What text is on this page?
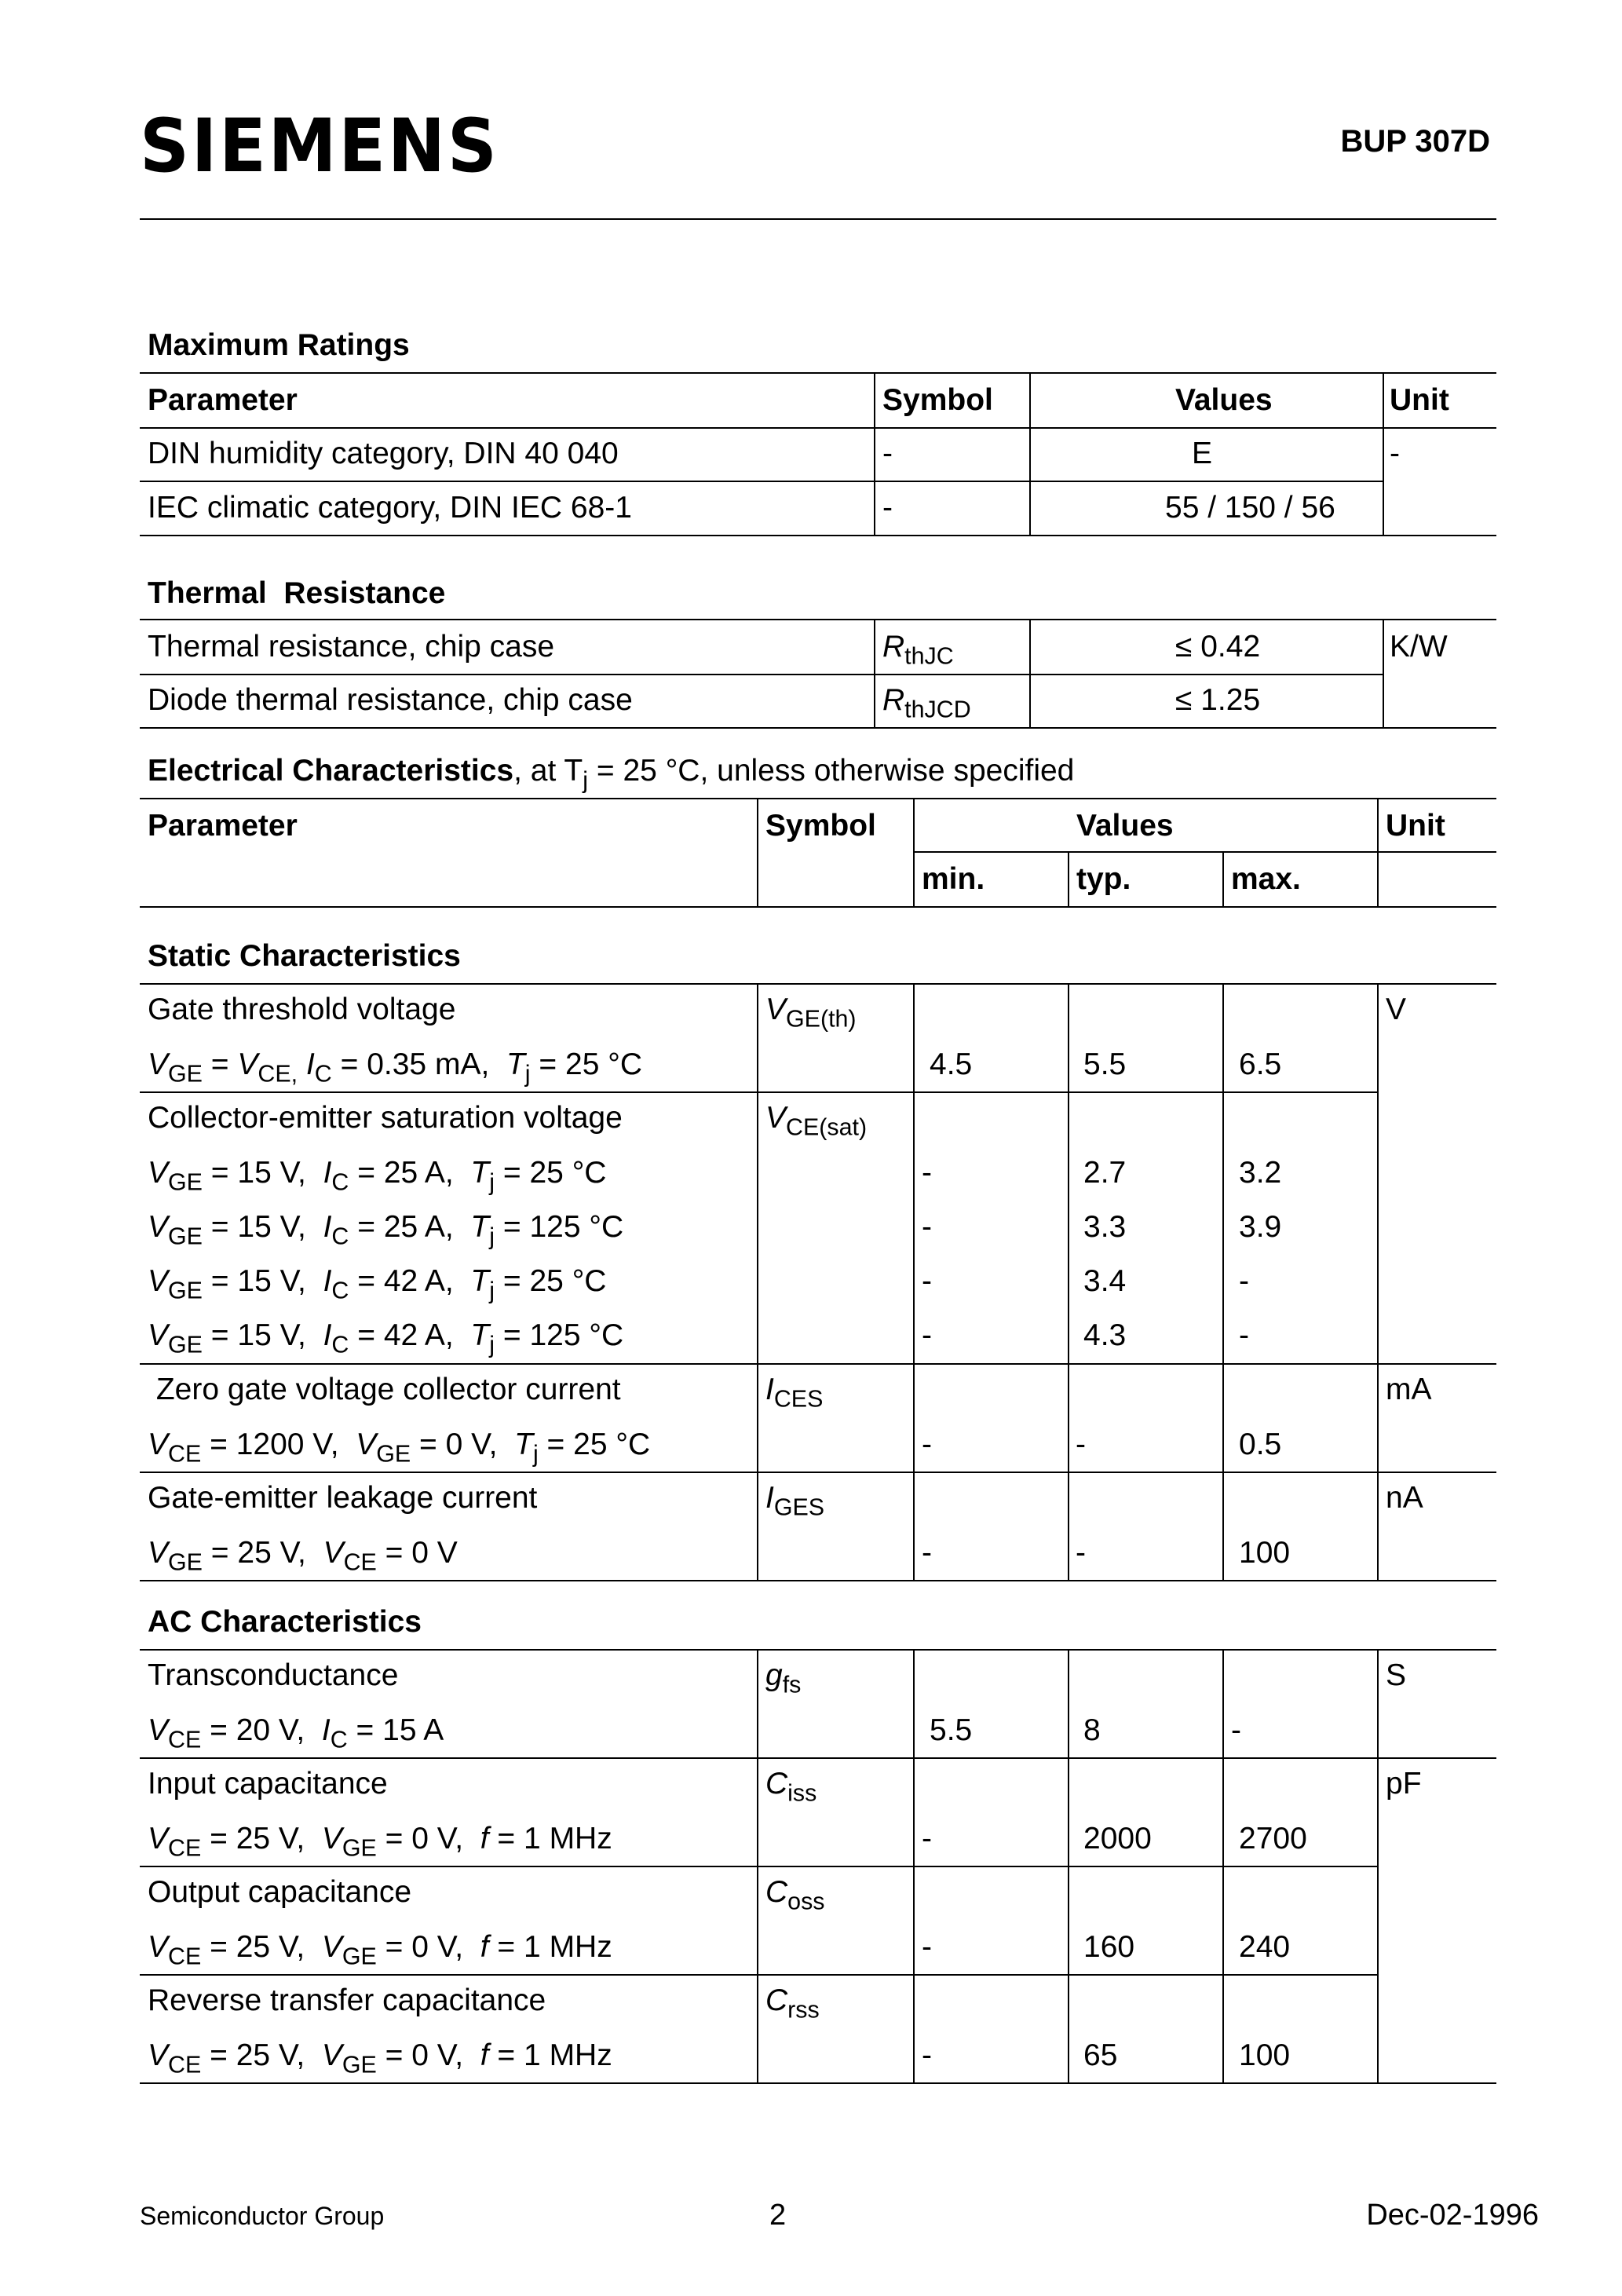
SIEMENS	BUP 307D
Maximum Ratings
Parameter	Symbol	Values	Unit
DIN humidity category, DIN 40 040	-	E	-
IEC climatic category, DIN IEC 68-1	-	55 / 150 / 56
Thermal  Resistance
Thermal resistance, chip case	$R_{thJC}$	≤ 0.42	K/W
Diode thermal resistance, chip case	$R_{thJCD}$	≤ 1.25
Electrical Characteristics, at $T_j = 25$ °C, unless otherwise specified
Parameter	Symbol	Values	Unit
min.	typ.	max.
Static Characteristics
Gate threshold voltage	$V_{GE(th)}$	V
$V_{GE} = V_{CE,}$ $I_C = 0.35$ mA,  $T_j = 25$ °C	4.5	5.5	6.5
Collector-emitter saturation voltage	$V_{CE(sat)}$
$V_{GE} = 15$ V,  $I_C = 25$ A,  $T_j = 25$ °C	-	2.7	3.2
$V_{GE} = 15$ V,  $I_C = 25$ A,  $T_j = 125$ °C	-	3.3	3.9
$V_{GE} = 15$ V,  $I_C = 42$ A,  $T_j = 25$ °C	-	3.4	-
$V_{GE} = 15$ V,  $I_C = 42$ A,  $T_j = 125$ °C	-	4.3	-
Zero gate voltage collector current	$I_{CES}$	mA
$V_{CE} = 1200$ V,  $V_{GE} = 0$ V,  $T_j = 25$ °C	-	-	0.5
Gate-emitter leakage current	$I_{GES}$	nA
$V_{GE} = 25$ V,  $V_{CE} = 0$ V	-	-	100
AC Characteristics
Transconductance	$g_{fs}$	S
$V_{CE} = 20$ V,  $I_C = 15$ A	5.5	8	-
Input capacitance	$C_{iss}$	pF
$V_{CE} = 25$ V,  $V_{GE} = 0$ V,  f = 1 MHz	-	2000	2700
Output capacitance	$C_{oss}$
$V_{CE} = 25$ V,  $V_{GE} = 0$ V,  f = 1 MHz	-	160	240
Reverse transfer capacitance	$C_{rss}$
$V_{CE} = 25$ V,  $V_{GE} = 0$ V,  f = 1 MHz	-	65	100
Semiconductor Group	2	Dec-02-1996
